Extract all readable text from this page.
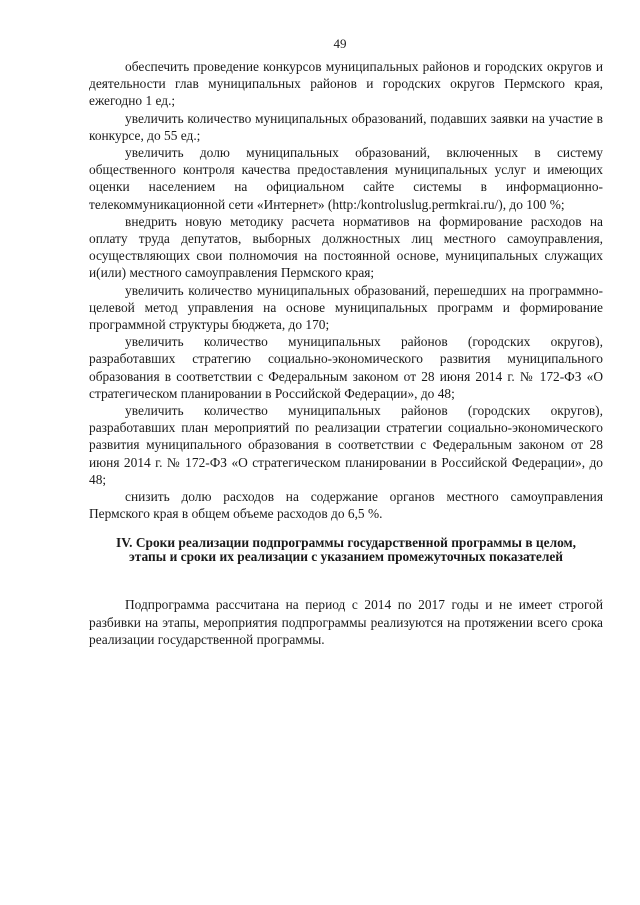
49

обеспечить проведение конкурсов муниципальных районов и городских округов и деятельности глав муниципальных районов и городских округов Пермского края, ежегодно 1 ед.;

увеличить количество муниципальных образований, подавших заявки на участие в конкурсе, до 55 ед.;

увеличить долю муниципальных образований, включенных в систему общественного контроля качества предоставления муниципальных услуг и имеющих оценки населением на официальном сайте системы в информационно-телекоммуникационной сети «Интернет» (http:/kontroluslug.permkrai.ru/), до 100 %;

внедрить новую методику расчета нормативов на формирование расходов на оплату труда депутатов, выборных должностных лиц местного самоуправления, осуществляющих свои полномочия на постоянной основе, муниципальных служащих и(или) местного самоуправления Пермского края;

увеличить количество муниципальных образований, перешедших на программно-целевой метод управления на основе муниципальных программ и формирование программной структуры бюджета, до 170;

увеличить количество муниципальных районов (городских округов), разработавших стратегию социально-экономического развития муниципального образования в соответствии с Федеральным законом от 28 июня 2014 г. № 172-ФЗ «О стратегическом планировании в Российской Федерации», до 48;

увеличить количество муниципальных районов (городских округов), разработавших план мероприятий по реализации стратегии социально-экономического развития муниципального образования в соответствии с Федеральным законом от 28 июня 2014 г. № 172-ФЗ «О стратегическом планировании в Российской Федерации», до 48;

снизить долю расходов на содержание органов местного самоуправления Пермского края в общем объеме расходов до 6,5 %.

IV. Сроки реализации подпрограммы государственной программы в целом, этапы и сроки их реализации с указанием промежуточных показателей

Подпрограмма рассчитана на период с 2014 по 2017 годы и не имеет строгой разбивки на этапы, мероприятия подпрограммы реализуются на протяжении всего срока реализации государственной программы.
